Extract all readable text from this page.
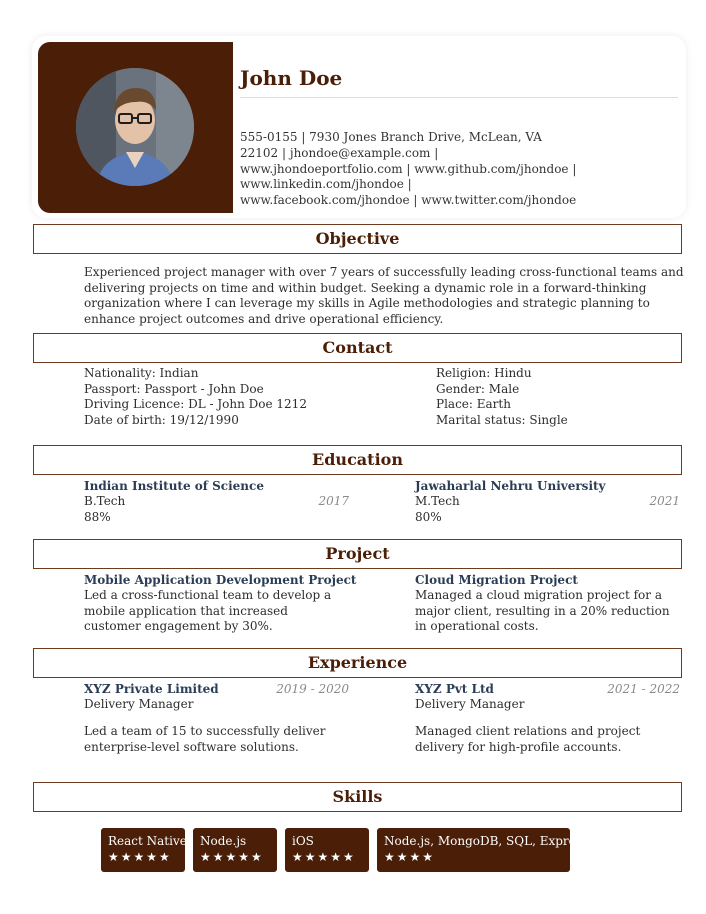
John Doe
555-0155 | 7930 Jones Branch Drive, McLean, VA 22102 | jhondoe@example.com | www.jhondoeportfolio.com | www.github.com/jhondoe | www.linkedin.com/jhondoe | www.facebook.com/jhondoe | www.twitter.com/jhondoe
Objective
Experienced project manager with over 7 years of successfully leading cross-functional teams and delivering projects on time and within budget. Seeking a dynamic role in a forward-thinking organization where I can leverage my skills in Agile methodologies and strategic planning to enhance project outcomes and drive operational efficiency.
Contact
Nationality: Indian
Passport: Passport - John Doe
Driving Licence: DL - John Doe 1212
Date of birth: 19/12/1990
Religion: Hindu
Gender: Male
Place: Earth
Marital status: Single
Education
Indian Institute of Science
2017
B.Tech
88%
Jawaharlal Nehru University
2021
M.Tech
80%
Project
Mobile Application Development Project
Led a cross-functional team to develop a mobile application that increased customer engagement by 30%.
Cloud Migration Project
Managed a cloud migration project for a major client, resulting in a 20% reduction in operational costs.
Experience
XYZ Private Limited	2019 - 2020
Delivery Manager
Led a team of 15 to successfully deliver enterprise-level software solutions.
XYZ Pvt Ltd	2021 - 2022
Delivery Manager
Managed client relations and project delivery for high-profile accounts.
Skills
React Native
★★★★★
Node.js
★★★★★
iOS
★★★★★
Node.js, MongoDB, SQL, Express
★★★★
